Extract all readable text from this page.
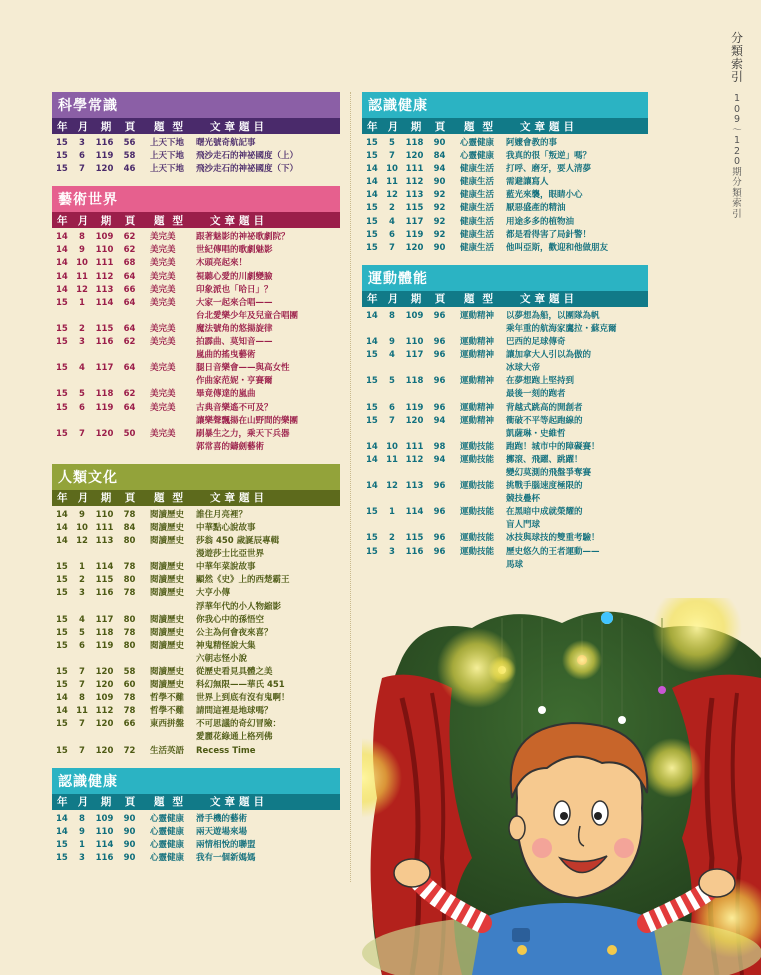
分
類
索
引
1
0
9
〜
1
2
0
期
分
類
索
引
科學常識
年 月	期	頁	題型	文章題目
15	3	116	56	上天下地	曙光號奇航記事
15	6	119	58	上天下地	飛沙走石的神祕國度（上）
15	7	120	46	上天下地	飛沙走石的神祕國度（下）
藝術世界
年 月	期	頁	題型	文章題目
14	8	109	62	美完美	跟著魅影的神祕歌劇院？
14	9	110	62	美完美	世紀傳唱的歌劇魅影
14 10 111	68	美完美	木頭亮起來！
14 11 112	64	美完美	視聽心愛的川劇變臉
14 12 113	66	美完美	印象派也「哈日」？
15	1	114	64	美完美	大家一起來合唱——
台北愛樂少年及兒童合唱團
15	2	115	64	美完美	魔法號角的悠揚旋律
15	3	116	62	美完美	拍霹曲、莫知音——
嵐曲的搖曳藝術
15	4	117	64	美完美	腿日音樂會——與高女性
作曲家范妮・亨賽爾
15	5	118	62	美完美	畢竟傳達的嵐曲
15	6	119	64	美完美	古典音樂遙不可及？
讓樂聲飄揚在山野間的樂團
15	7	120	50	美完美	刷暴生之力，乘天下兵器
郭常喜的鑄劍藝術
人類文化
年 月	期	頁	題型	文章題目
14	9	110	78	閱讀歷史	誰住月亮裡？
14 10 111	84	閱讀歷史	中華點心說故事
14 12 113	80	閱讀歷史	莎翁 450 歲誕辰專輯
漫遊莎士比亞世界
15	1	114	78	閱讀歷史	中華年菜說故事
15	2	115	80	閱讀歷史	顯然《史》上的西楚霸王
15	3	116	78	閱讀歷史	大亨小傳
浮華年代的小人物縮影
15	4	117	80	閱讀歷史	你我心中的孫悟空
15	5	118	78	閱讀歷史	公主為何會夜來喜？
15	6	119	80	閱讀歷史	神鬼精怪說大集
六朝志怪小說
15	7	120	58	閱讀歷史	從歷史看見具體之美
15	7	120	60	閱讀歷史	科幻無限——華氏 451
14	8	109	78	哲學不難	世界上到底有沒有鬼啊！
14 11 112	78	哲學不難	請問這裡是地球嗎？
15	7	120	66	東西拼盤	不可思議的奇幻冒險：
愛麗花綠通上格列佛
15	7	120	72	生活英語	Recess Time
認識健康
年 月	期	頁	題型	文章題目
14	8	109	90	心靈健康	滑手機的藝術
14	9	110	90	心靈健康	兩天遊場來場
15	1	114	90	心靈健康	兩情相悅的聯盟
15	3	116	90	心靈健康	我有一個新媽媽
認識健康
年 月	期	頁	題型	文章題目
15	5	118	90	心靈健康	阿嬤會教的事
15	7	120	84	心靈健康	我真的很「叛逆」嗎？
14 10 111	94	健康生活	打呼、磨牙，要人清夢
14 11 112	90	健康生活	需避讓寫人
14 12 113	92	健康生活	藍光來襲，眼睛小心
15	2	115	92	健康生活	厭惡盛產的精油
15	4	117	92	健康生活	用途多多的植物油
15	6	119	92	健康生活	都是看得害了局針警！
15	7	120	90	健康生活	他叫亞斯，歡迎和他做朋友
運動體能
年 月	期	頁	題型	文章題目
14	8	109	96	運動精神	以夢想為船，以團隊為帆
乘年重的航海家鷹拉・蘇克爾
14	9	110	96	運動精神	巴西的足球傳奇
15	4	117	96	運動精神	讓加拿大人引以為傲的
冰球大帝
15	5	118	96	運動精神	在夢想跑上堅持到
最後一刻的跑者
15	6	119	96	運動精神	背越式跳高的開創者
15	7	120	94	運動精神	衝破不平等起跑線的
凱薩琳・史維哲
14 10 111	98	運動技能	跑跑！城市中的障礙賽！
14 11 112	94	運動技能	擲滾、飛躍、跳躍！
變幻莫測的飛盤爭奪賽
14 12 113	96	運動技能	挑戰手腦速度極限的
競技疊杯
15	1	114	96	運動技能	在黑暗中成就榮耀的
盲人門球
15	2	115	96	運動技能	冰技與球技的雙重考驗！
15	3	116	96	運動技能	歷史悠久的王者運動——
馬球
